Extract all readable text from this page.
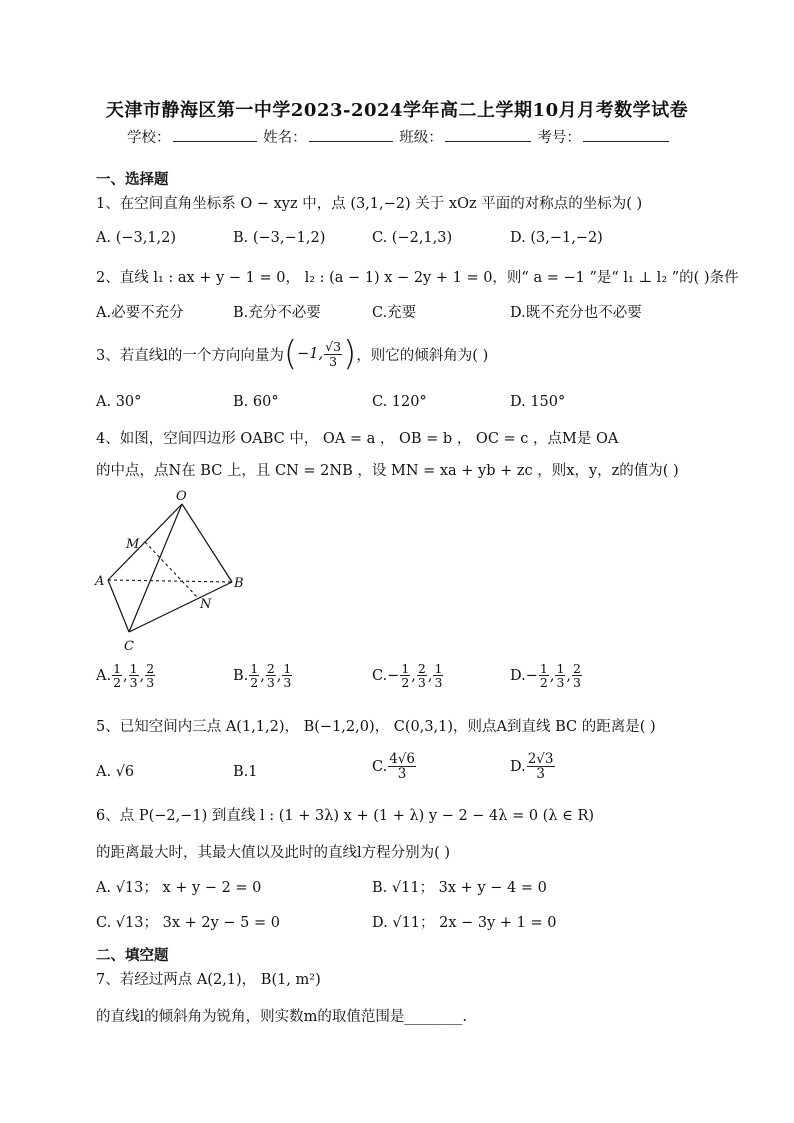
天津市静海区第一中学2023-2024学年高二上学期10月月考数学试卷
学校：	姓名：	班级：	考号：
一、选择题
1、在空间直角坐标系 O − xyz 中，点 (3,1,−2) 关于 xOz 平面的对称点的坐标为( )
A. (−3,1,2)	B. (−3,−1,2)	C. (−2,1,3)	D. (3,−1,−2)
2、直线 l₁ : ax + y − 1 = 0， l₂ : (a − 1) x − 2y + 1 = 0，则“ a = −1 ”是“ l₁ ⊥ l₂ ”的( )条件
A.必要不充分	B.充分不必要	C.充要	D.既不充分也不必要
3、若直线l的一个方向向量为 ( −1, $\frac{√3}{3}$ ) ，则它的倾斜角为( )
A. 30°	B. 60°	C. 120°	D. 150°
4、如图，空间四边形 OABC 中， OA = a ， OB = b ， OC = c ，点M是 OA
的中点，点N在 BC 上，且 CN = 2NB ，设 MN = xa + yb + zc ，则x，y，z的值为( )
O
M
A	B
N
C
A. $\frac{1}{2}$ , $\frac{1}{3}$ , $\frac{2}{3}$	B. $\frac{1}{2}$ , $\frac{2}{3}$ , $\frac{1}{3}$	$C.- \frac{1}{2}$ , $\frac{2}{3}$ , $\frac{1}{3}$	$D.- \frac{1}{2}$ , $\frac{1}{3}$ , $\frac{2}{3}$
5、已知空间内三点 A(1,1,2)， B(−1,2,0)， C(0,3,1)，则点A到直线 BC 的距离是( )
A. √6	B.1	C. $\frac{4√6}{3}$	D. $\frac{2√3}{3}$
6、点 P(−2,−1) 到直线 l : (1 + 3λ) x + (1 + λ) y − 2 − 4λ = 0 (λ ∈ R)
的距离最大时，其最大值以及此时的直线l方程分别为( )
A. √13； x + y − 2 = 0	B. √11； 3x + y − 4 = 0
C. √13； 3x + 2y − 5 = 0	D. √11； 2x − 3y + 1 = 0
二、填空题
7、若经过两点 A(2,1)， B(1, m²)
的直线l的倾斜角为锐角，则实数m的取值范围是________.
